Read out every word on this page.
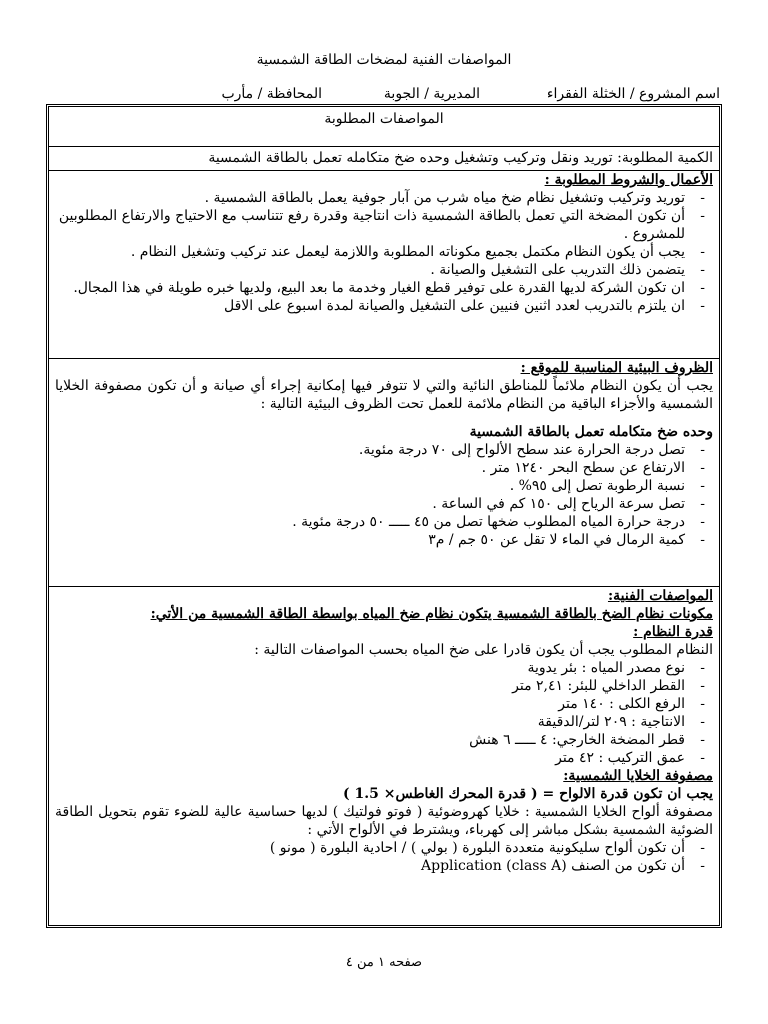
المواصفات الفنية لمضخات الطاقة الشمسية
اسم المشروع / الخثلة الفقراء
المديرية / الجوبة
المحافظة / مأرب

المواصفات المطلوبة

الكمية المطلوبة: توريد ونقل وتركيب وتشغيل وحده ضخ متكامله تعمل بالطاقة الشمسية

الأعمال والشروط المطلوبة :

- توريد وتركيب وتشغيل نظام ضخ مياه شرب من آبار جوفية يعمل بالطاقة الشمسية .
- أن تكون المضخة التي تعمل بالطاقة الشمسية ذات انتاجية وقدرة رفع تتناسب مع الاحتياج والارتفاع المطلوبين للمشروع .
- يجب أن يكون النظام مكتمل بجميع مكوناته المطلوبة واللازمة ليعمل عند تركيب وتشغيل النظام .
- يتضمن ذلك التدريب على التشغيل والصيانة .
- ان تكون الشركة لديها القدرة على توفير قطع الغيار وخدمة ما بعد البيع، ولديها خبره طويلة في هذا المجال.
- ان يلتزم بالتدريب لعدد اثنين فنيين على التشغيل والصيانة لمدة اسبوع على الاقل

الظروف البيئية المناسبة للموقع :

يجب أن يكون النظام ملائماً للمناطق النائية والتي لا تتوفر فيها إمكانية إجراء أي صيانة و أن تكون مصفوفة الخلايا الشمسية والأجزاء الباقية من النظام ملائمة للعمل تحت الظروف البيئية التالية :

وحده ضخ متكامله تعمل بالطاقة الشمسية

- تصل درجة الحرارة عند سطح الألواح إلى ٧٠ درجة مئوية.
- الارتفاع عن سطح البحر ١٢٤٠ متر .
- نسبة الرطوبة تصل إلى ٩٥% .
- تصل سرعة الرياح إلى ١٥٠ كم في الساعة .
- درجة حرارة المياه المطلوب ضخها تصل من ٤٥ ـــــ ٥٠ درجة مئوية .
- كمية الرمال في الماء لا تقل عن ٥٠ جم / م٣

المواصفات الفنية:

مكونات نظام الضخ بالطاقة الشمسية يتكون نظام ضخ المياه بواسطة الطاقة الشمسية من الأتي:

قدرة النظام :

النظام المطلوب يجب أن يكون قادرا على ضخ المياه بحسب المواصفات التالية :

- نوع مصدر المياه : بئر يدوية
- القطر الداخلي للبئر: ٢,٤١ متر
- الرفع الكلى : ١٤٠ متر
- الانتاجية : ٢٠٩ لتر/الدقيقة
- قطر المضخة الخارجي: ٤ ـــــ ٦ هنش
- عمق التركيب : ٤٢ متر

مصفوفة الخلايا الشمسية:

يجب ان تكون قدرة الالواح = ( قدرة المحرك الغاطس× 1.5 )

مصفوفة ألواح الخلايا الشمسية : خلايا كهروضوئية ( فوتو فولتيك ) لديها حساسية عالية للضوء تقوم بتحويل الطاقة الضوئية الشمسية بشكل مباشر إلى كهرباء، ويشترط في الألواح الأتي :

- أن تكون ألواح سليكونية متعددة البلورة ( بولي ) / احادية البلورة ( مونو )
- أن تكون من الصنف Application (class A)
صفحه ١ من ٤
